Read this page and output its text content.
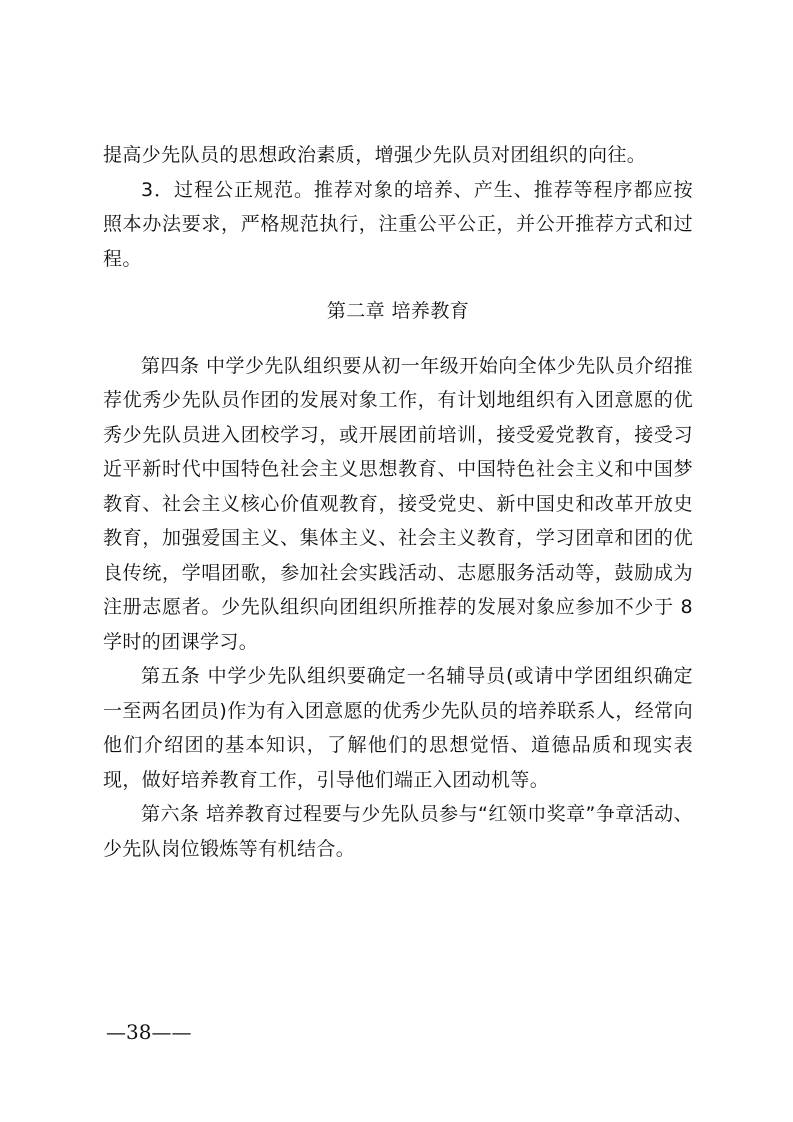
提高少先队员的思想政治素质，增强少先队员对团组织的向往。

3．过程公正规范。推荐对象的培养、产生、推荐等程序都应按照本办法要求，严格规范执行，注重公平公正，并公开推荐方式和过程。

第二章 培养教育

第四条 中学少先队组织要从初一年级开始向全体少先队员介绍推荐优秀少先队员作团的发展对象工作，有计划地组织有入团意愿的优秀少先队员进入团校学习，或开展团前培训，接受爱党教育，接受习近平新时代中国特色社会主义思想教育、中国特色社会主义和中国梦教育、社会主义核心价值观教育，接受党史、新中国史和改革开放史教育，加强爱国主义、集体主义、社会主义教育，学习团章和团的优良传统，学唱团歌，参加社会实践活动、志愿服务活动等，鼓励成为注册志愿者。少先队组织向团组织所推荐的发展对象应参加不少于 8 学时的团课学习。

第五条 中学少先队组织要确定一名辅导员(或请中学团组织确定一至两名团员)作为有入团意愿的优秀少先队员的培养联系人，经常向他们介绍团的基本知识，了解他们的思想觉悟、道德品质和现实表现，做好培养教育工作，引导他们端正入团动机等。

第六条 培养教育过程要与少先队员参与“红领巾奖章”争章活动、少先队岗位锻炼等有机结合。

—38——
